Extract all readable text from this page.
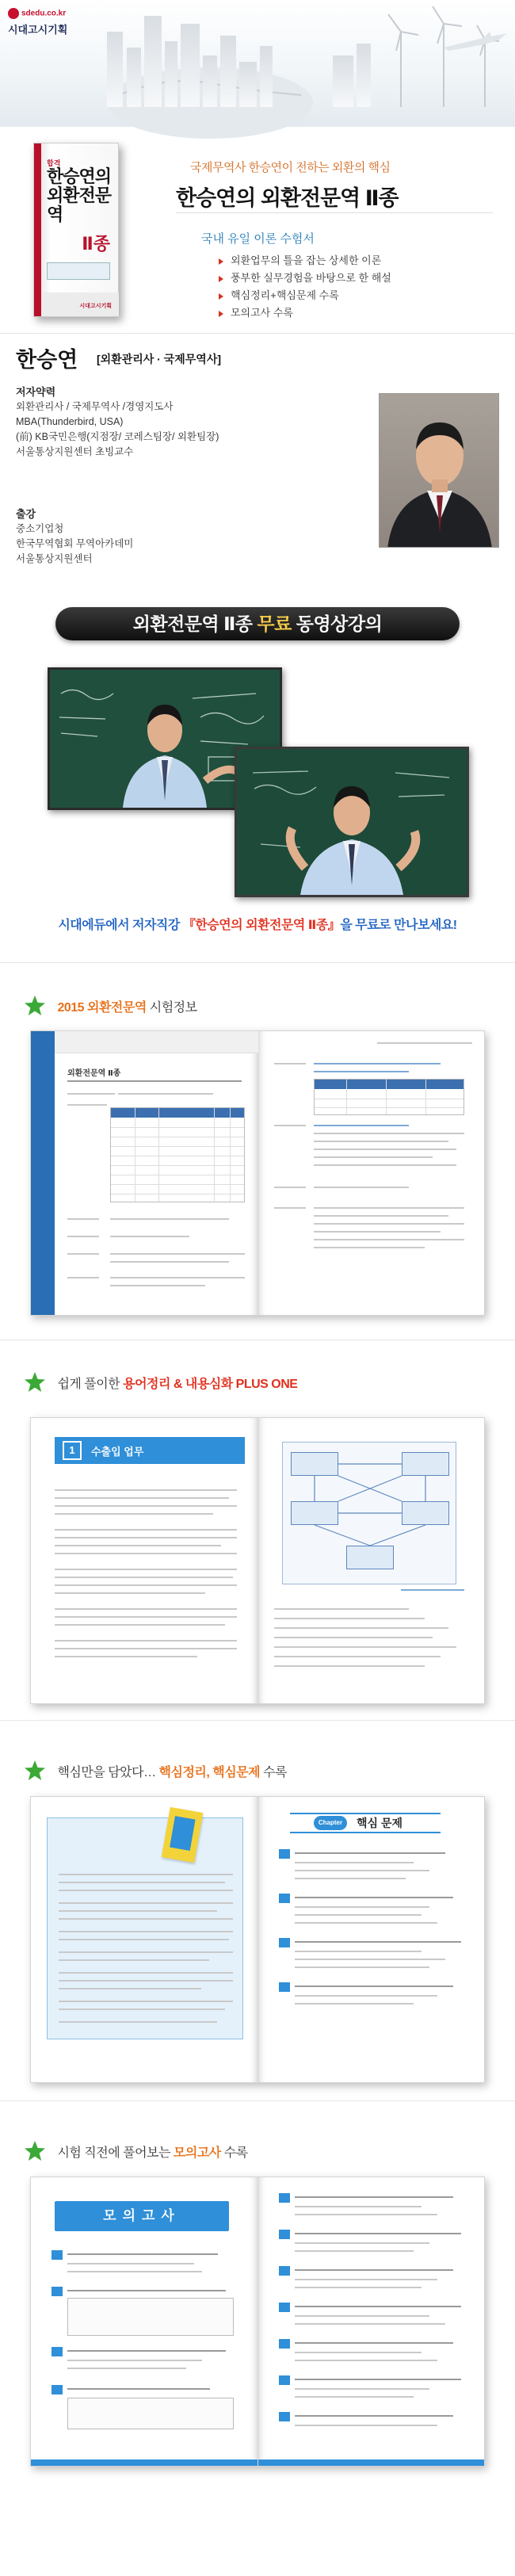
sdedu.co.kr
시대고시기획
합격
한승연의
외환전문역
Ⅱ종
시대고시기획
국제무역사 한승연이 전하는 외환의 핵심
한승연의 외환전문역 Ⅱ종
국내 유일 이론 수험서
외환업무의 틀을 잡는 상세한 이론
풍부한 실무경험을 바탕으로 한 해설
핵심정리+핵심문제 수록
모의고사 수록
한승연 [외환관리사 · 국제무역사]
저자약력
외환관리사 / 국제무역사 /경영지도사
MBA(Thunderbird, USA)
(前) KB국민은행(지점장/ 코레스팀장/ 외환팀장)
서울통상지원센터 초빙교수
출강
중소기업청
한국무역협회 무역아카데미
서울통상지원센터
외환전문역 Ⅱ종 무료 동영상강의
시대에듀에서 저자직강 『한승연의 외환전문역 Ⅱ종』을 무료로 만나보세요!
2015 외환전문역 시험정보
외환전문역 Ⅱ종
쉽게 풀이한 용어정리 & 내용심화 PLUS ONE
1	수출입 업무
핵심만을 담았다… 핵심정리, 핵심문제 수록
Chapter	핵심 문제
시험 직전에 풀어보는 모의고사 수록
모의고사
